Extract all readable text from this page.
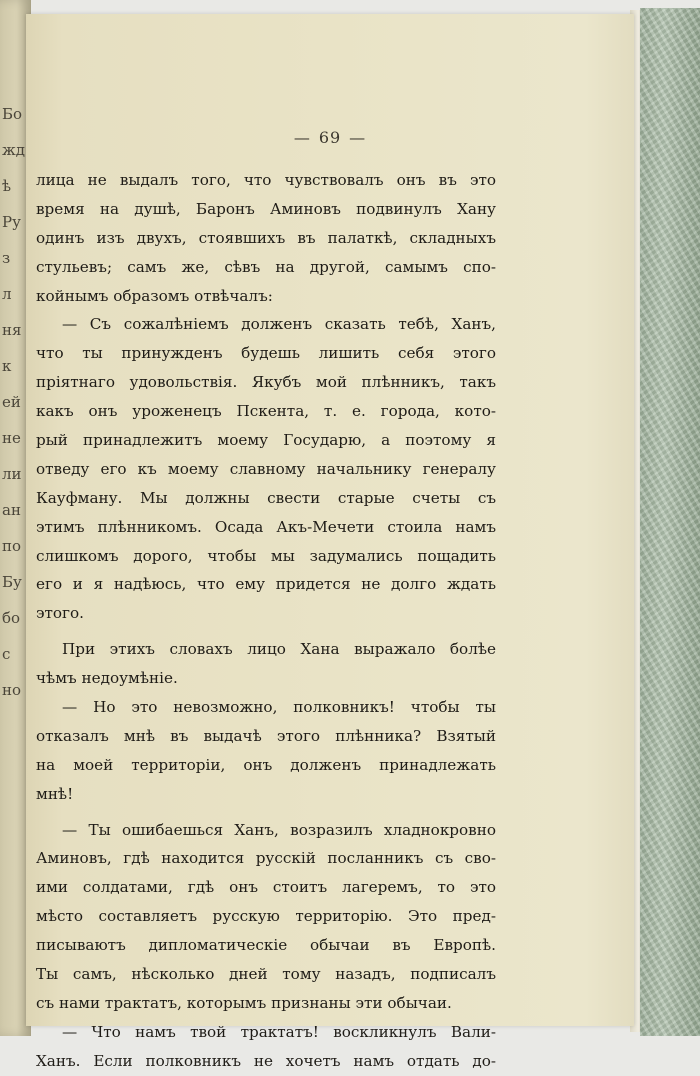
Бо
жд
ѣ
Ру
з
л
ня
к
ей
не
ли
ан
по
Бу
бо
с
но
— 69 —
лица не выдалъ того, что чувствовалъ онъ въ это
время на душѣ, Баронъ Аминовъ подвинулъ Хану
одинъ изъ двухъ, стоявшихъ въ палаткѣ, складныхъ
стульевъ; самъ же, сѣвъ на другой, самымъ спо-
койнымъ образомъ отвѣчалъ:
— Съ сожалѣніемъ долженъ сказать тебѣ, Ханъ,
что ты принужденъ будешь лишить себя этого
пріятнаго удовольствія. Якубъ мой плѣнникъ, такъ
какъ онъ уроженецъ Пскента, т. е. города, кото-
рый принадлежитъ моему Государю, а поэтому я
отведу его къ моему славному начальнику генералу
Кауфману. Мы должны свести старые счеты съ
этимъ плѣнникомъ. Осада Акъ-Мечети стоила намъ
слишкомъ дорого, чтобы мы задумались пощадить
его и я надѣюсь, что ему придется не долго ждать
этого.
При этихъ словахъ лицо Хана выражало болѣе
чѣмъ недоумѣніе.
— Но это невозможно, полковникъ! чтобы ты
отказалъ мнѣ въ выдачѣ этого плѣнника? Взятый
на моей территоріи, онъ долженъ принадлежать
мнѣ!
— Ты ошибаешься Ханъ, возразилъ хладнокровно
Аминовъ, гдѣ находится русскій посланникъ съ сво-
ими солдатами, гдѣ онъ стоитъ лагеремъ, то это
мѣсто составляетъ русскую территорію. Это пред-
писываютъ дипломатическіе обычаи въ Европѣ.
Ты самъ, нѣсколько дней тому назадъ, подписалъ
съ нами трактатъ, которымъ признаны эти обычаи.
— Что намъ твой трактатъ! воскликнулъ Вали-
Ханъ. Если полковникъ не хочетъ намъ отдать до-
